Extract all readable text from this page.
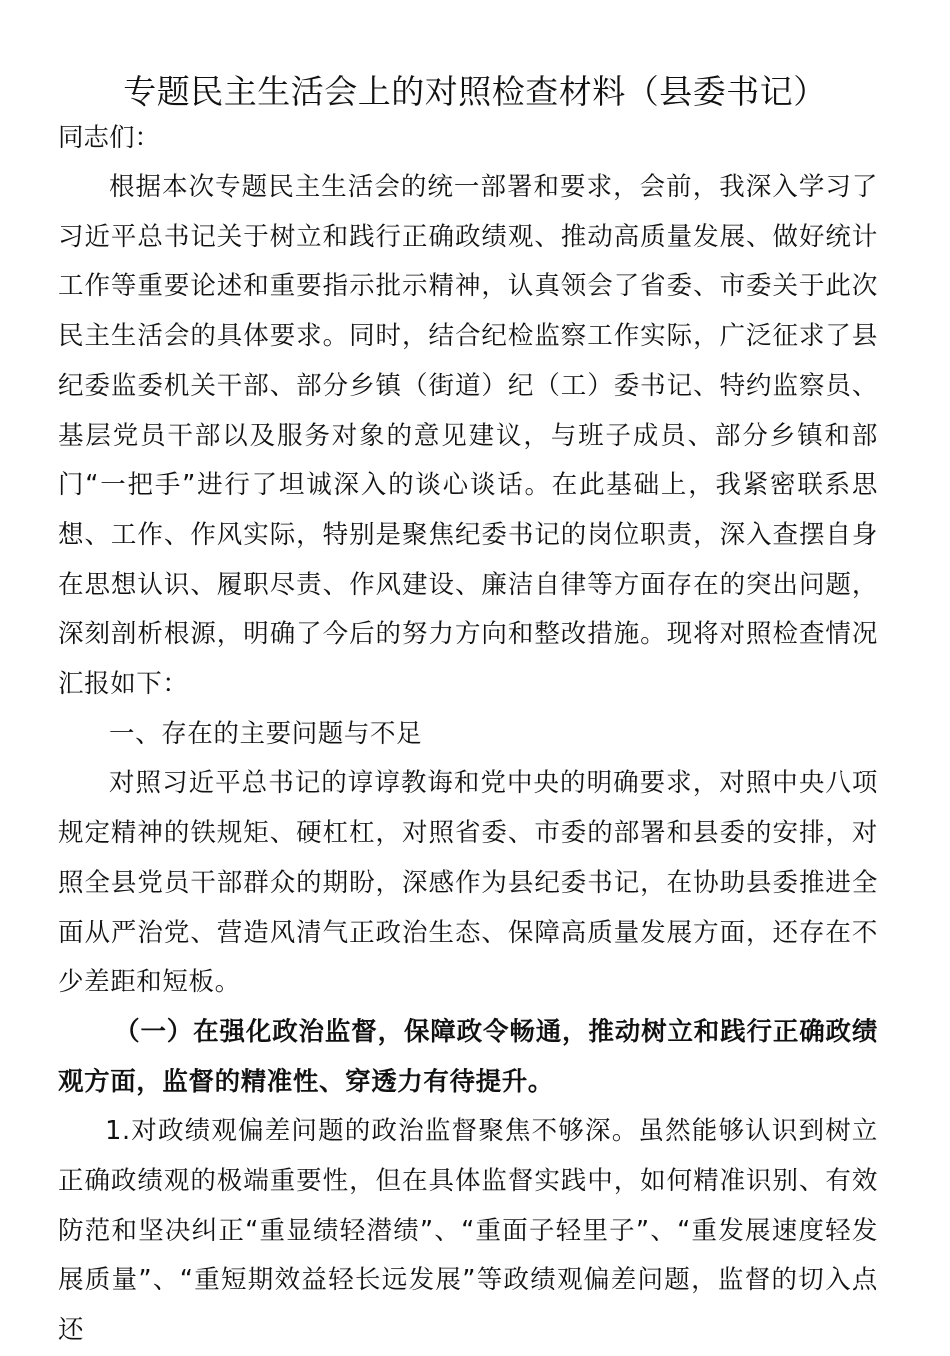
专题民主生活会上的对照检查材料（县委书记）
同志们：

根据本次专题民主生活会的统一部署和要求，会前，我深入学习了习近平总书记关于树立和践行正确政绩观、推动高质量发展、做好统计工作等重要论述和重要指示批示精神，认真领会了省委、市委关于此次民主生活会的具体要求。同时，结合纪检监察工作实际，广泛征求了县纪委监委机关干部、部分乡镇（街道）纪（工）委书记、特约监察员、基层党员干部以及服务对象的意见建议，与班子成员、部分乡镇和部门“一把手”进行了坦诚深入的谈心谈话。在此基础上，我紧密联系思想、工作、作风实际，特别是聚焦纪委书记的岗位职责，深入查摆自身在思想认识、履职尽责、作风建设、廉洁自律等方面存在的突出问题，深刻剖析根源，明确了今后的努力方向和整改措施。现将对照检查情况汇报如下：

一、存在的主要问题与不足

对照习近平总书记的谆谆教诲和党中央的明确要求，对照中央八项规定精神的铁规矩、硬杠杠，对照省委、市委的部署和县委的安排，对照全县党员干部群众的期盼，深感作为县纪委书记，在协助县委推进全面从严治党、营造风清气正政治生态、保障高质量发展方面，还存在不少差距和短板。

（一）在强化政治监督，保障政令畅通，推动树立和践行正确政绩观方面，监督的精准性、穿透力有待提升。

1.对政绩观偏差问题的政治监督聚焦不够深。虽然能够认识到树立正确政绩观的极端重要性，但在具体监督实践中，如何精准识别、有效防范和坚决纠正“重显绩轻潜绩”、“重面子轻里子”、“重发展速度轻发展质量”、“重短期效益轻长远发展”等政绩观偏差问题，监督的切入点还
